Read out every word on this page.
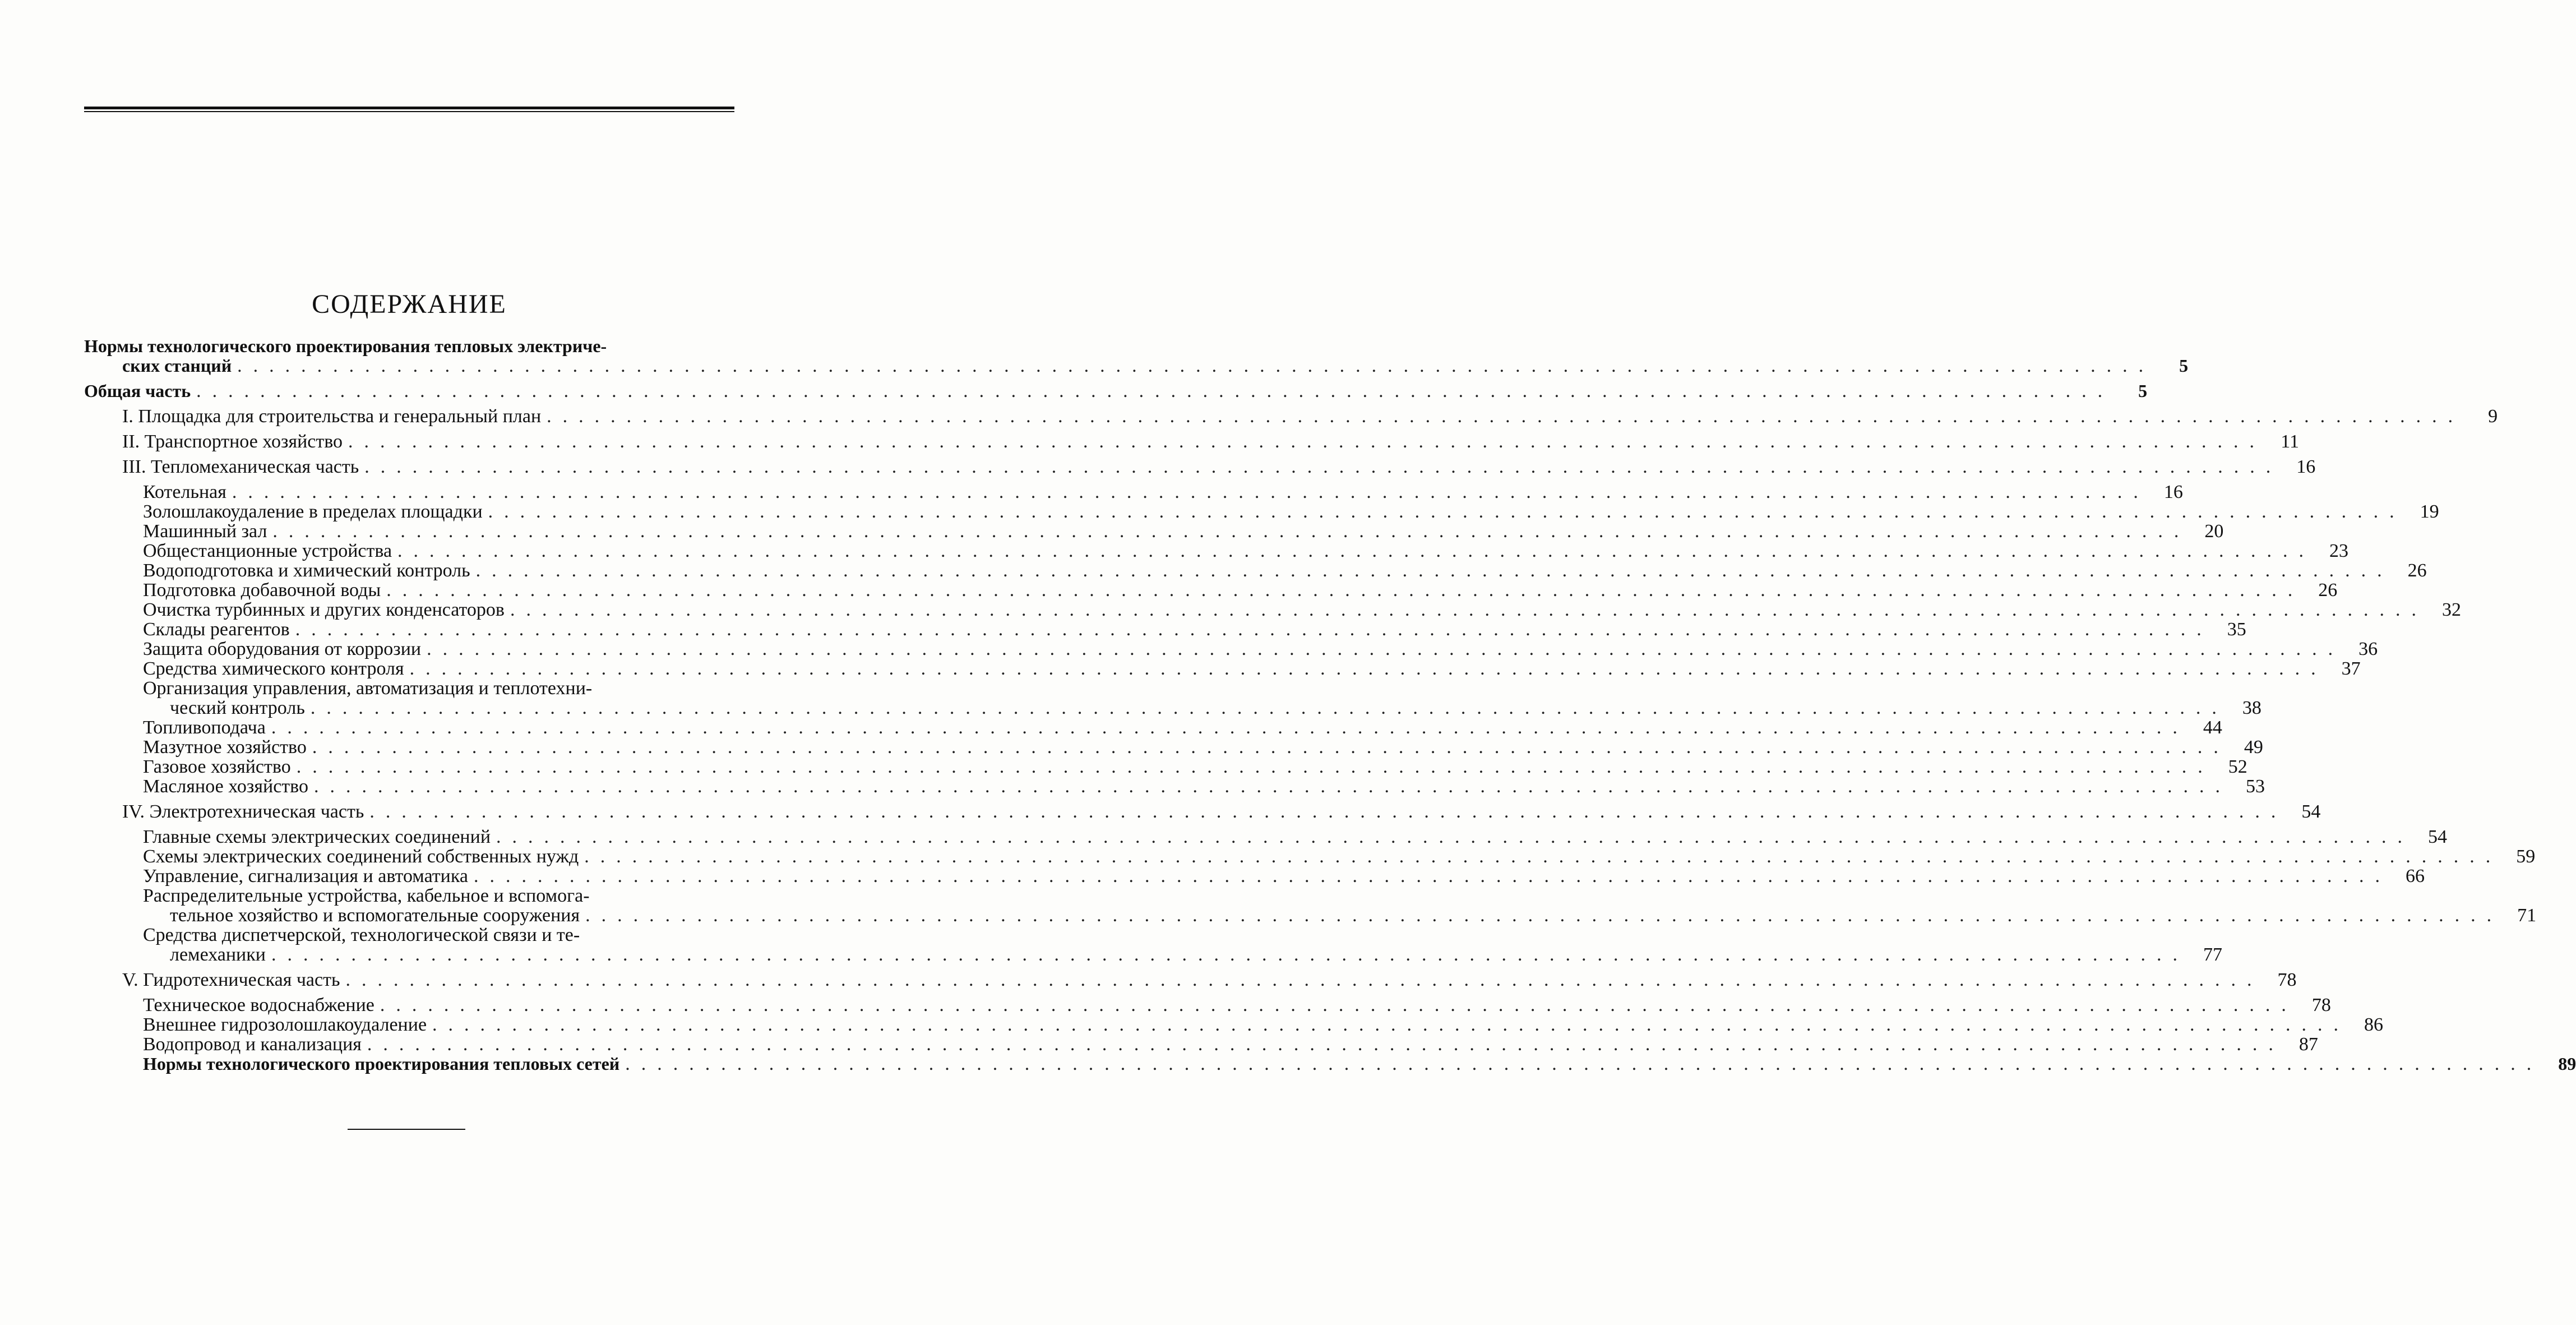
СОДЕРЖАНИЕ
Нормы технологического проектирования тепловых электриче-
ских станций ........................................................................................................................	5
Общая часть ........................................................................................................................	5
I. Площадка для строительства и генеральный план ........................................................................................................................	9
II. Транспортное хозяйство ........................................................................................................................ 11
III. Тепломеханическая часть ........................................................................................................................ 16
Котельная ........................................................................................................................ 16
Золошлакоудаление в пределах площадки ........................................................................................................................ 19
Машинный зал ........................................................................................................................ 20
Общестанционные устройства ........................................................................................................................ 23
Водоподготовка и химический контроль ........................................................................................................................ 26
Подготовка добавочной воды ........................................................................................................................ 26
Очистка турбинных и других конденсаторов ........................................................................................................................ 32
Склады реагентов ........................................................................................................................ 35
Защита оборудования от коррозии ........................................................................................................................ 36
Средства химического контроля ........................................................................................................................ 37
Организация управления, автоматизация и теплотехни-
ческий контроль ........................................................................................................................ 38
Топливоподача ........................................................................................................................ 44
Мазутное хозяйство ........................................................................................................................ 49
Газовое хозяйство ........................................................................................................................ 52
Масляное хозяйство ........................................................................................................................ 53
IV. Электротехническая часть ........................................................................................................................ 54
Главные схемы электрических соединений ........................................................................................................................ 54
Схемы электрических соединений собственных нужд ........................................................................................................................ 59
Управление, сигнализация и автоматика ........................................................................................................................ 66
Распределительные устройства, кабельное и вспомога-
тельное хозяйство и вспомогательные сооружения ........................................................................................................................ 71
Средства диспетчерской, технологической связи и те-
лемеханики ........................................................................................................................ 77
V. Гидротехническая часть ........................................................................................................................ 78
Техническое водоснабжение ........................................................................................................................ 78
Внешнее гидрозолошлакоудаление ........................................................................................................................ 86
Водопровод и канализация ........................................................................................................................ 87
Нормы технологического проектирования тепловых сетей ........................................................................................................................ 89
